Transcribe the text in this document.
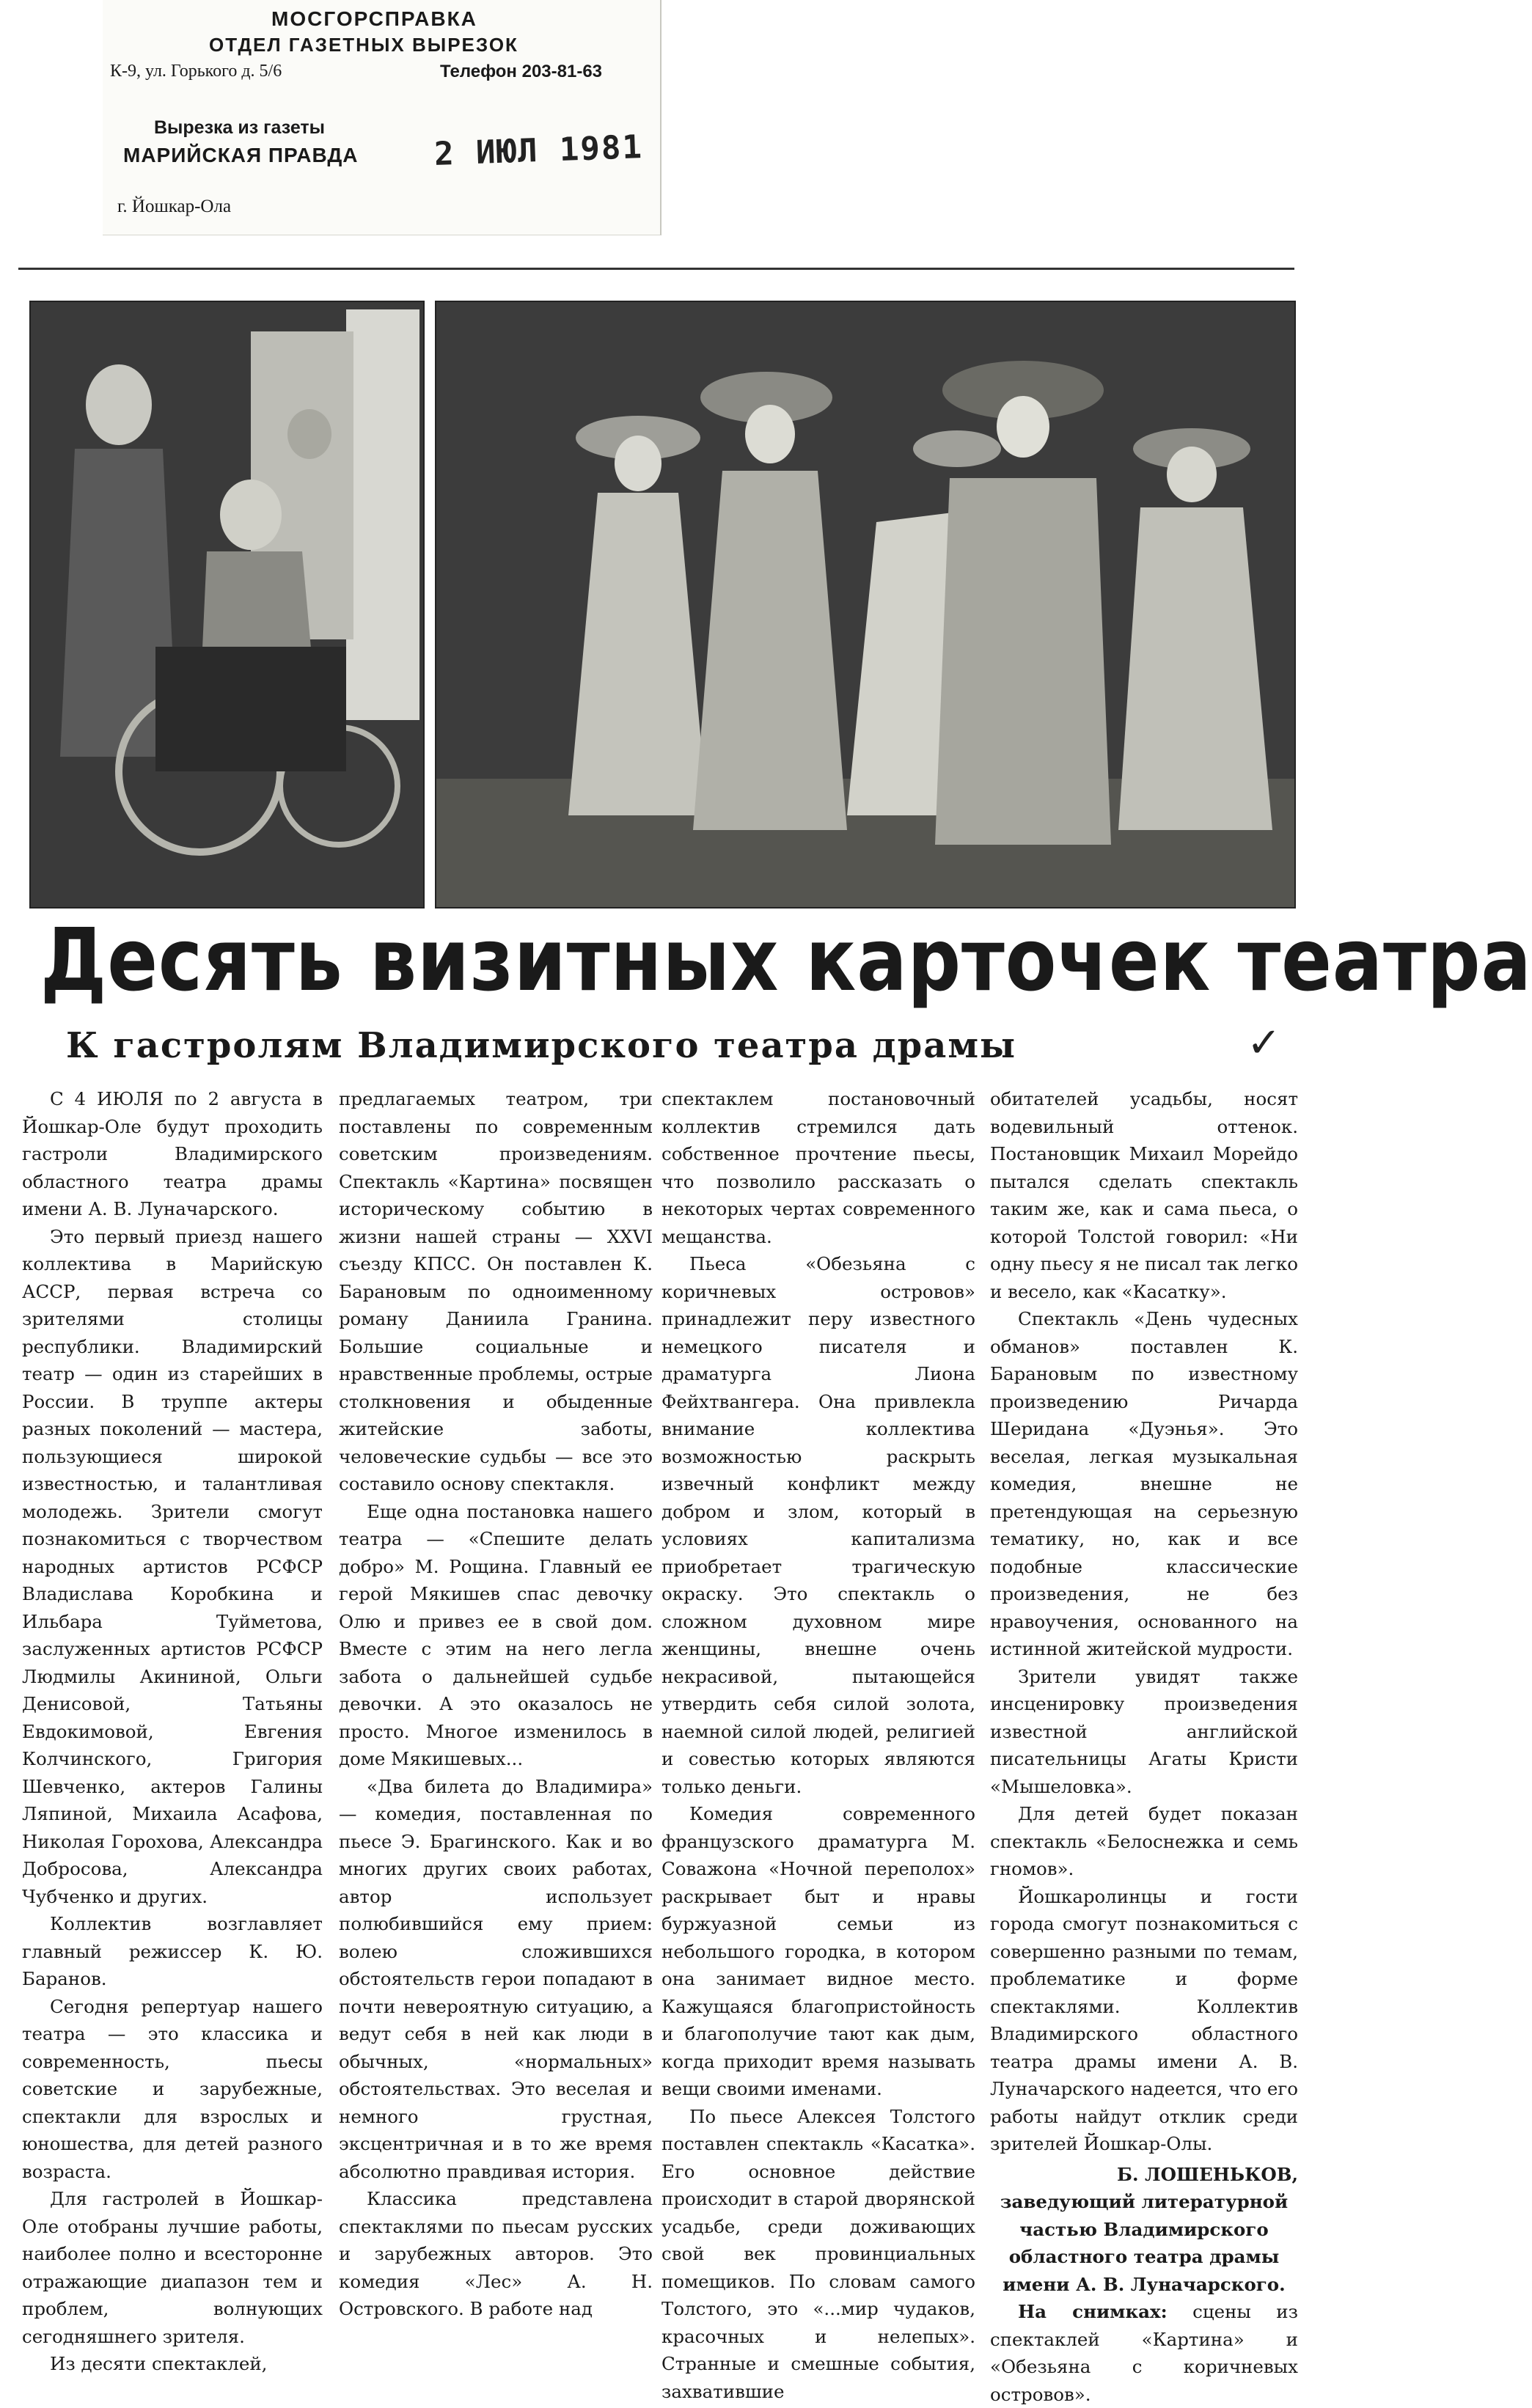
МОСГОРСПРАВКА
ОТДЕЛ ГАЗЕТНЫХ ВЫРЕЗОК
К-9, ул. Горького д. 5/6	Телефон 203-81-63
Вырезка из газеты
МАРИЙСКАЯ ПРАВДА 2 ИЮЛ 1981
г. Йошкар-Ола
Десять визитных карточек театра
К гастролям Владимирского театра драмы	✓

С 4 ИЮЛЯ по 2 августа в Йошкар-Оле будут проходить гастроли Владимирского областного театра драмы имени А. В. Луначарского.

Это первый приезд нашего коллектива в Марийскую АССР, первая встреча со зрителями столицы республики. Владимирский театр — один из старейших в России. В труппе актеры разных поколений — мастера, пользующиеся широкой известностью, и талантливая молодежь. Зрители смогут познакомиться с творчеством народных артистов РСФСР Владислава Коробкина и Ильбара Туйметова, заслуженных артистов РСФСР Людмилы Акининой, Ольги Денисовой, Татьяны Евдокимовой, Евгения Колчинского, Григория Шевченко, актеров Галины Ляпиной, Михаила Асафова, Николая Горохова, Александра Добросова, Александра Чубченко и других.

Коллектив возглавляет главный режиссер К. Ю. Баранов.

Сегодня репертуар нашего театра — это классика и современность, пьесы советские и зарубежные, спектакли для взрослых и юношества, для детей разного возраста.

Для гастролей в Йошкар-Оле отобраны лучшие работы, наиболее полно и всесторонне отражающие диапазон тем и проблем, волнующих сегодняшнего зрителя.

Из десяти спектаклей,

предлагаемых театром, три поставлены по современным советским произведениям. Спектакль «Картина» посвящен историческому событию в жизни нашей страны — XXVI съезду КПСС. Он поставлен К. Барановым по одноименному роману Даниила Гранина. Большие социальные и нравственные проблемы, острые столкновения и обыденные житейские заботы, человеческие судьбы — все это составило основу спектакля.

Еще одна постановка нашего театра — «Спешите делать добро» М. Рощина. Главный ее герой Мякишев спас девочку Олю и привез ее в свой дом. Вместе с этим на него легла забота о дальнейшей судьбе девочки. А это оказалось не просто. Многое изменилось в доме Мякишевых...

«Два билета до Владимира» — комедия, поставленная по пьесе Э. Брагинского. Как и во многих других своих работах, автор использует полюбившийся ему прием: волею сложившихся обстоятельств герои попадают в почти невероятную ситуацию, а ведут себя в ней как люди в обычных, «нормальных» обстоятельствах. Это веселая и немного грустная, эксцентричная и в то же время абсолютно правдивая история.

Классика представлена спектаклями по пьесам русских и зарубежных авторов. Это комедия «Лес» А. Н. Островского. В работе над

спектаклем постановочный коллектив стремился дать собственное прочтение пьесы, что позволило рассказать о некоторых чертах современного мещанства.

Пьеса «Обезьяна с коричневых островов» принадлежит перу известного немецкого писателя и драматурга Лиона Фейхтвангера. Она привлекла внимание коллектива возможностью раскрыть извечный конфликт между добром и злом, который в условиях капитализма приобретает трагическую окраску. Это спектакль о сложном духовном мире женщины, внешне очень некрасивой, пытающейся утвердить себя силой золота, наемной силой людей, религией и совестью которых являются только деньги.

Комедия современного французского драматурга М. Соважона «Ночной переполох» раскрывает быт и нравы буржуазной семьи из небольшого городка, в котором она занимает видное место. Кажущаяся благопристойность и благополучие тают как дым, когда приходит время называть вещи своими именами.

По пьесе Алексея Толстого поставлен спектакль «Касатка». Его основное действие происходит в старой дворянской усадьбе, среди доживающих свой век провинциальных помещиков. По словам самого Толстого, это «...мир чудаков, красочных и нелепых». Странные и смешные события, захватившие

обитателей усадьбы, носят водевильный оттенок. Постановщик Михаил Морейдо пытался сделать спектакль таким же, как и сама пьеса, о которой Толстой говорил: «Ни одну пьесу я не писал так легко и весело, как «Касатку».

Спектакль «День чудесных обманов» поставлен К. Барановым по известному произведению Ричарда Шеридана «Дуэнья». Это веселая, легкая музыкальная комедия, внешне не претендующая на серьезную тематику, но, как и все подобные классические произведения, не без нравоучения, основанного на истинной житейской мудрости.

Зрители увидят также инсценировку произведения известной английской писательницы Агаты Кристи «Мышеловка».

Для детей будет показан спектакль «Белоснежка и семь гномов».

Йошкаролинцы и гости города смогут познакомиться с совершенно разными по темам, проблематике и форме спектаклями. Коллектив Владимирского областного театра драмы имени А. В. Луначарского надеется, что его работы найдут отклик среди зрителей Йошкар-Олы.

Б. ЛОШЕНЬКОВ,

заведующий литературной частью Владимирского областного театра драмы имени А. В. Луначарского.

На снимках: сцены из спектаклей «Картина» и «Обезьяна с коричневых островов».
